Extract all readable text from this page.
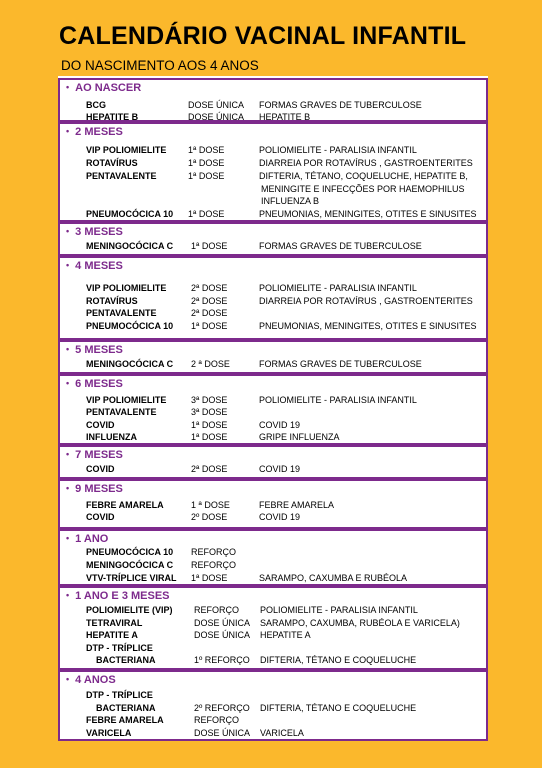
CALENDÁRIO VACINAL INFANTIL
DO NASCIMENTO AOS 4 ANOS
• AO NASCER
BCG	DOSE ÚNICA FORMAS GRAVES DE TUBERCULOSE
HEPATITE B	DOSE ÚNICA HEPATITE B
• 2 MESES
VIP POLIOMIELITE 1ª DOSE	POLIOMIELITE - PARALISIA INFANTIL
ROTAVÍRUS	1ª DOSE	DIARREIA POR ROTAVÍRUS , GASTROENTERITES
PENTAVALENTE	1ª DOSE	DIFTERIA, TÉTANO, COQUELUCHE, HEPATITE B,
MENINGITE E INFECÇÕES POR HAEMOPHILUS
INFLUENZA B
PNEUMOCÓCICA 10 1ª DOSE	PNEUMONIAS, MENINGITES, OTITES E SINUSITES
• 3 MESES
MENINGOCÓCICA C 1ª DOSE	FORMAS GRAVES DE TUBERCULOSE
• 4 MESES
VIP POLIOMIELITE	2ª DOSE	POLIOMIELITE - PARALISIA INFANTIL
ROTAVÍRUS	2ª DOSE	DIARREIA POR ROTAVÍRUS , GASTROENTERITES
PENTAVALENTE	2ª DOSE
PNEUMOCÓCICA 10 1ª DOSE	PNEUMONIAS, MENINGITES, OTITES E SINUSITES
• 5 MESES
MENINGOCÓCICA C 2 ª DOSE	FORMAS GRAVES DE TUBERCULOSE
• 6 MESES
VIP POLIOMIELITE	3ª DOSE	POLIOMIELITE - PARALISIA INFANTIL
PENTAVALENTE	3ª DOSE
COVID	1ª DOSE	COVID 19
INFLUENZA	1ª DOSE	GRIPE INFLUENZA
• 7 MESES
COVID	2ª DOSE	COVID 19
• 9 MESES
FEBRE AMARELA	1 ª DOSE	FEBRE AMARELA
COVID	2º DOSE	COVID 19
• 1 ANO
PNEUMOCÓCICA 10 REFORÇO
MENINGOCÓCICA C REFORÇO
VTV-TRÍPLICE VIRAL 1ª DOSE	SARAMPO, CAXUMBA E RUBÉOLA
• 1 ANO E 3 MESES
POLIOMIELITE (VIP) REFORÇO POLIOMIELITE - PARALISIA INFANTIL
TETRAVIRAL	DOSE ÚNICA SARAMPO, CAXUMBA, RUBÉOLA E VARICELA)
HEPATITE A	DOSE ÚNICA HEPATITE A
DTP - TRÍPLICE
BACTERIANA	1º REFORÇO DIFTERIA, TÉTANO E COQUELUCHE
• 4 ANOS
DTP - TRÍPLICE
BACTERIANA	2º REFORÇO DIFTERIA, TÉTANO E COQUELUCHE
FEBRE AMARELA	REFORÇO
VARICELA	DOSE ÚNICA VARICELA
